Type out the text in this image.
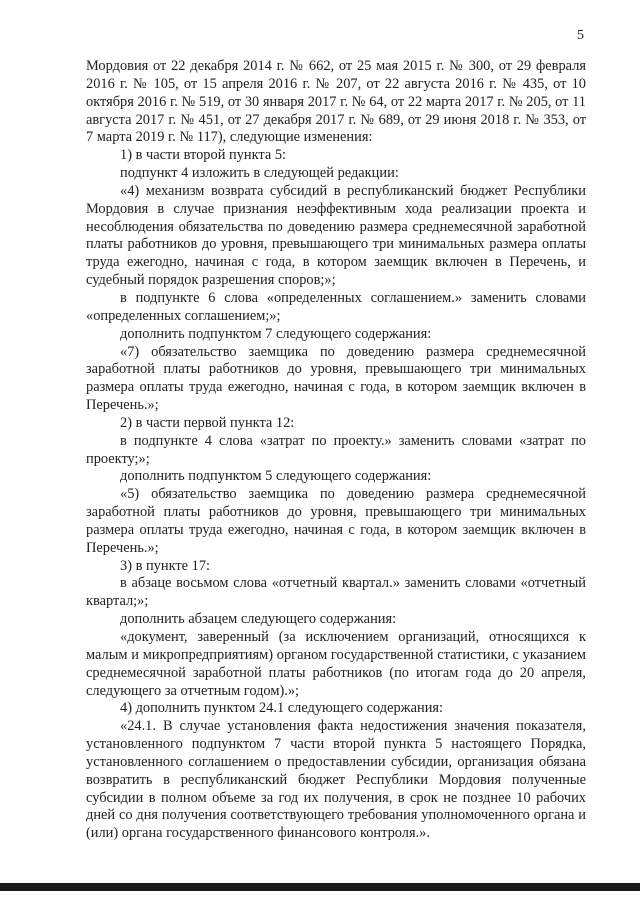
5

Мордовия от 22 декабря 2014 г. № 662, от 25 мая 2015 г. № 300, от 29 февраля 2016 г. № 105, от 15 апреля 2016 г. № 207, от 22 августа 2016 г. № 435, от 10 октября 2016 г. № 519, от 30 января 2017 г. № 64, от 22 марта 2017 г. № 205, от 11 августа 2017 г. № 451, от 27 декабря 2017 г. № 689, от 29 июня 2018 г. № 353, от 7 марта 2019 г. № 117), следующие изменения:

1) в части второй пункта 5:

подпункт 4 изложить в следующей редакции:

«4) механизм возврата субсидий в республиканский бюджет Республики Мордовия в случае признания неэффективным хода реализации проекта и несоблюдения обязательства по доведению размера среднемесячной заработной платы работников до уровня, превышающего три минимальных размера оплаты труда ежегодно, начиная с года, в котором заемщик включен в Перечень, и судебный порядок разрешения споров;»;

в подпункте 6 слова «определенных соглашением.» заменить словами «определенных соглашением;»;

дополнить подпунктом 7 следующего содержания:

«7) обязательство заемщика по доведению размера среднемесячной заработной платы работников до уровня, превышающего три минимальных размера оплаты труда ежегодно, начиная с года, в котором заемщик включен в Перечень.»;

2) в части первой пункта 12:

в подпункте 4 слова «затрат по проекту.» заменить словами «затрат по проекту;»;

дополнить подпунктом 5 следующего содержания:

«5) обязательство заемщика по доведению размера среднемесячной заработной платы работников до уровня, превышающего три минимальных размера оплаты труда ежегодно, начиная с года, в котором заемщик включен в Перечень.»;

3) в пункте 17:

в абзаце восьмом слова «отчетный квартал.» заменить словами «отчетный квартал;»;

дополнить абзацем следующего содержания:

«документ, заверенный (за исключением организаций, относящихся к малым и микропредприятиям) органом государственной статистики, с указанием среднемесячной заработной платы работников (по итогам года до 20 апреля, следующего за отчетным годом).»;

4) дополнить пунктом 24.1 следующего содержания:

«24.1. В случае установления факта недостижения значения показателя, установленного подпунктом 7 части второй пункта 5 настоящего Порядка, установленного соглашением о предоставлении субсидии, организация обязана возвратить в республиканский бюджет Республики Мордовия полученные субсидии в полном объеме за год их получения, в срок не позднее 10 рабочих дней со дня получения соответствующего требования уполномоченного органа и (или) органа государственного финансового контроля.».
